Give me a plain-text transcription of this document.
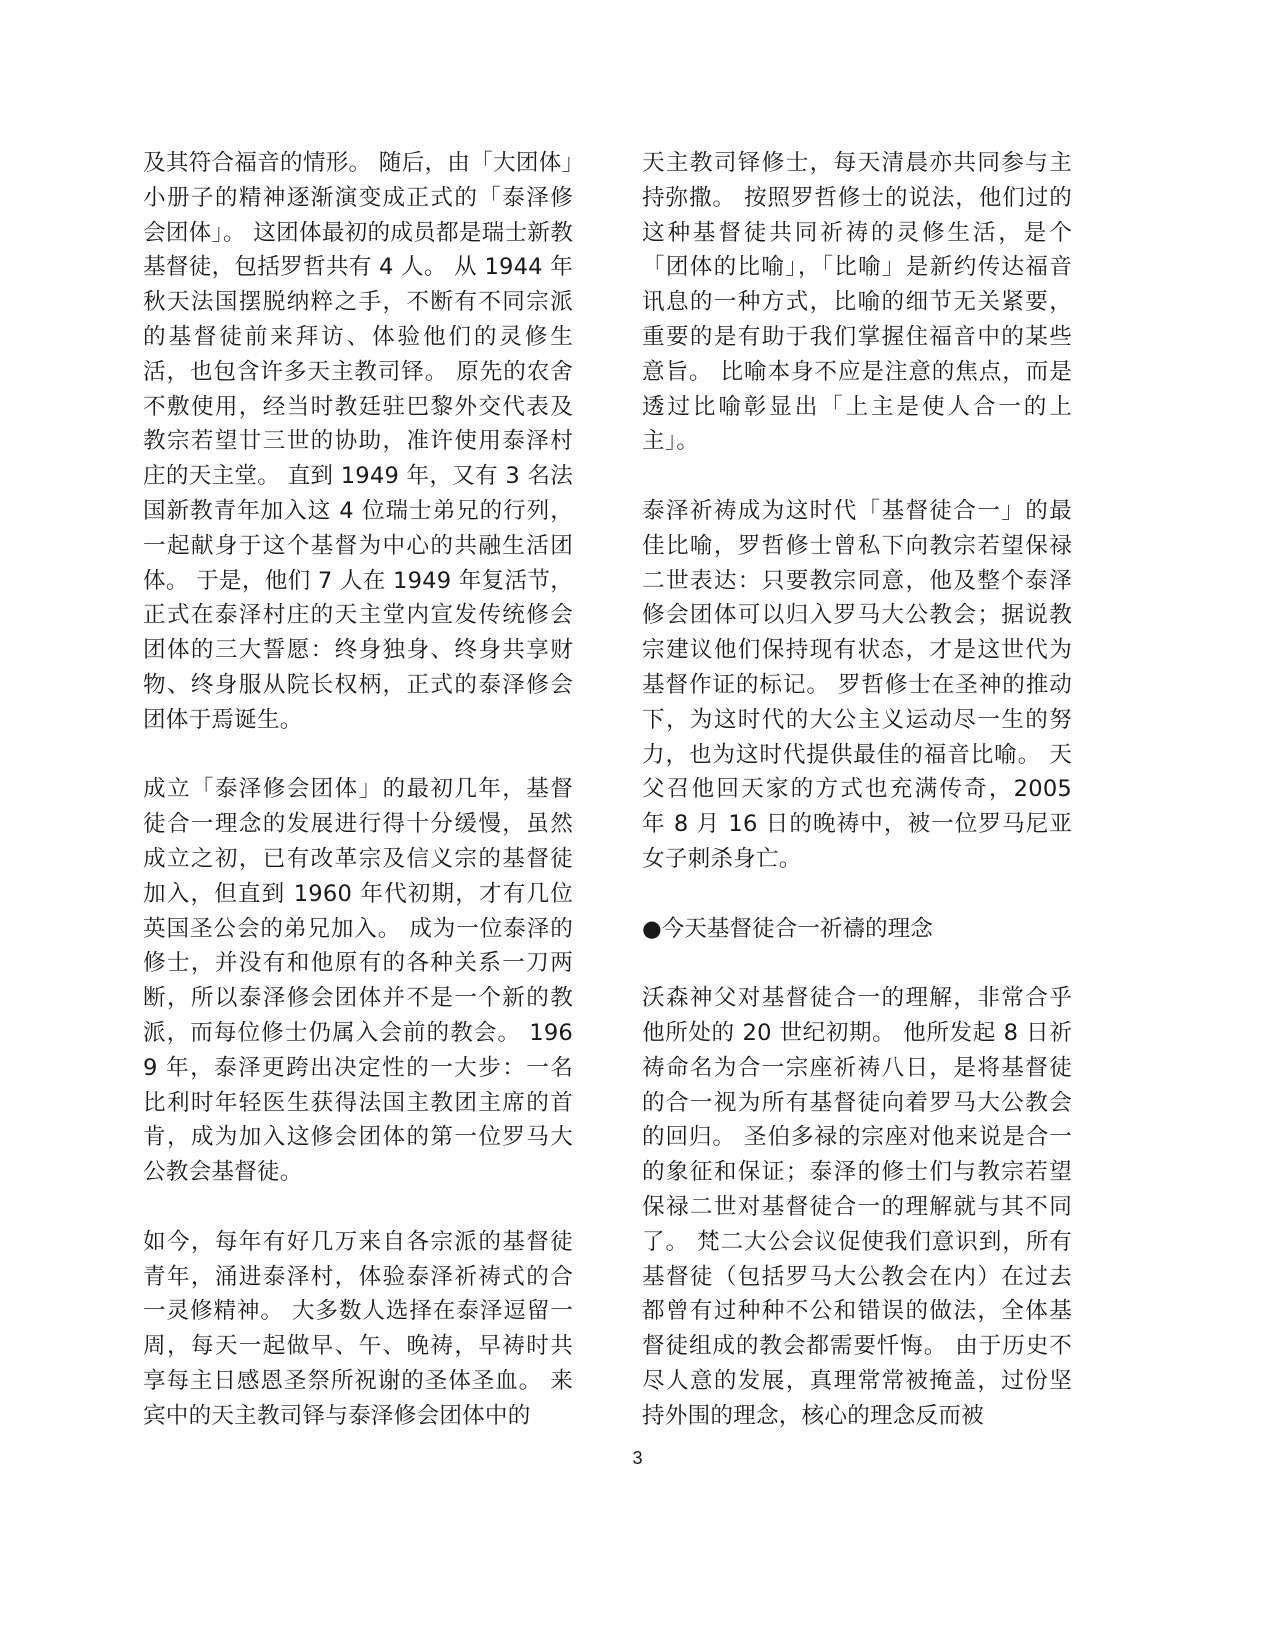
及其符合福音的情形。 随后，由「大团体」小册子的精神逐渐演变成正式的「泰泽修会团体」。 这团体最初的成员都是瑞士新教基督徒，包括罗哲共有 4 人。 从 1944 年秋天法国摆脱纳粹之手，不断有不同宗派的基督徒前来拜访、体验他们的灵修生活，也包含许多天主教司铎。 原先的农舍不敷使用，经当时教廷驻巴黎外交代表及教宗若望廿三世的协助，准许使用泰泽村庄的天主堂。 直到 1949 年，又有 3 名法国新教青年加入这 4 位瑞士弟兄的行列，一起献身于这个基督为中心的共融生活团体。 于是，他们 7 人在 1949 年复活节，正式在泰泽村庄的天主堂内宣发传统修会团体的三大誓愿：终身独身、终身共享财物、终身服从院长权柄，正式的泰泽修会团体于焉诞生。

成立「泰泽修会团体」的最初几年，基督徒合一理念的发展进行得十分缓慢，虽然成立之初，已有改革宗及信义宗的基督徒加入，但直到 1960 年代初期，才有几位英国圣公会的弟兄加入。 成为一位泰泽的修士，并没有和他原有的各种关系一刀两断，所以泰泽修会团体并不是一个新的教派，而每位修士仍属入会前的教会。 1969 年，泰泽更跨出决定性的一大步：一名比利时年轻医生获得法国主教团主席的首肯，成为加入这修会团体的第一位罗马大公教会基督徒。

如今，每年有好几万来自各宗派的基督徒青年，涌进泰泽村，体验泰泽祈祷式的合一灵修精神。 大多数人选择在泰泽逗留一周，每天一起做早、午、晚祷，早祷时共享每主日感恩圣祭所祝谢的圣体圣血。 来宾中的天主教司铎与泰泽修会团体中的

天主教司铎修士，每天清晨亦共同参与主持弥撒。 按照罗哲修士的说法，他们过的这种基督徒共同祈祷的灵修生活，是个「团体的比喻」，「比喻」是新约传达福音讯息的一种方式，比喻的细节无关紧要，重要的是有助于我们掌握住福音中的某些意旨。 比喻本身不应是注意的焦点，而是透过比喻彰显出「上主是使人合一的上主」。

泰泽祈祷成为这时代「基督徒合一」的最佳比喻，罗哲修士曾私下向教宗若望保禄二世表达：只要教宗同意，他及整个泰泽修会团体可以归入罗马大公教会；据说教宗建议他们保持现有状态，才是这世代为基督作证的标记。 罗哲修士在圣神的推动下，为这时代的大公主义运动尽一生的努力，也为这时代提供最佳的福音比喻。 天父召他回天家的方式也充满传奇，2005 年 8 月 16 日的晚祷中，被一位罗马尼亚女子刺杀身亡。

●今天基督徒合一祈禱的理念

沃森神父对基督徒合一的理解，非常合乎他所处的 20 世纪初期。 他所发起 8 日祈祷命名为合一宗座祈祷八日，是将基督徒的合一视为所有基督徒向着罗马大公教会的回归。 圣伯多禄的宗座对他来说是合一的象征和保证；泰泽的修士们与教宗若望保禄二世对基督徒合一的理解就与其不同了。 梵二大公会议促使我们意识到，所有基督徒（包括罗马大公教会在内）在过去都曾有过种种不公和错误的做法，全体基督徒组成的教会都需要忏悔。 由于历史不尽人意的发展，真理常常被掩盖，过份坚持外围的理念，核心的理念反而被

3
